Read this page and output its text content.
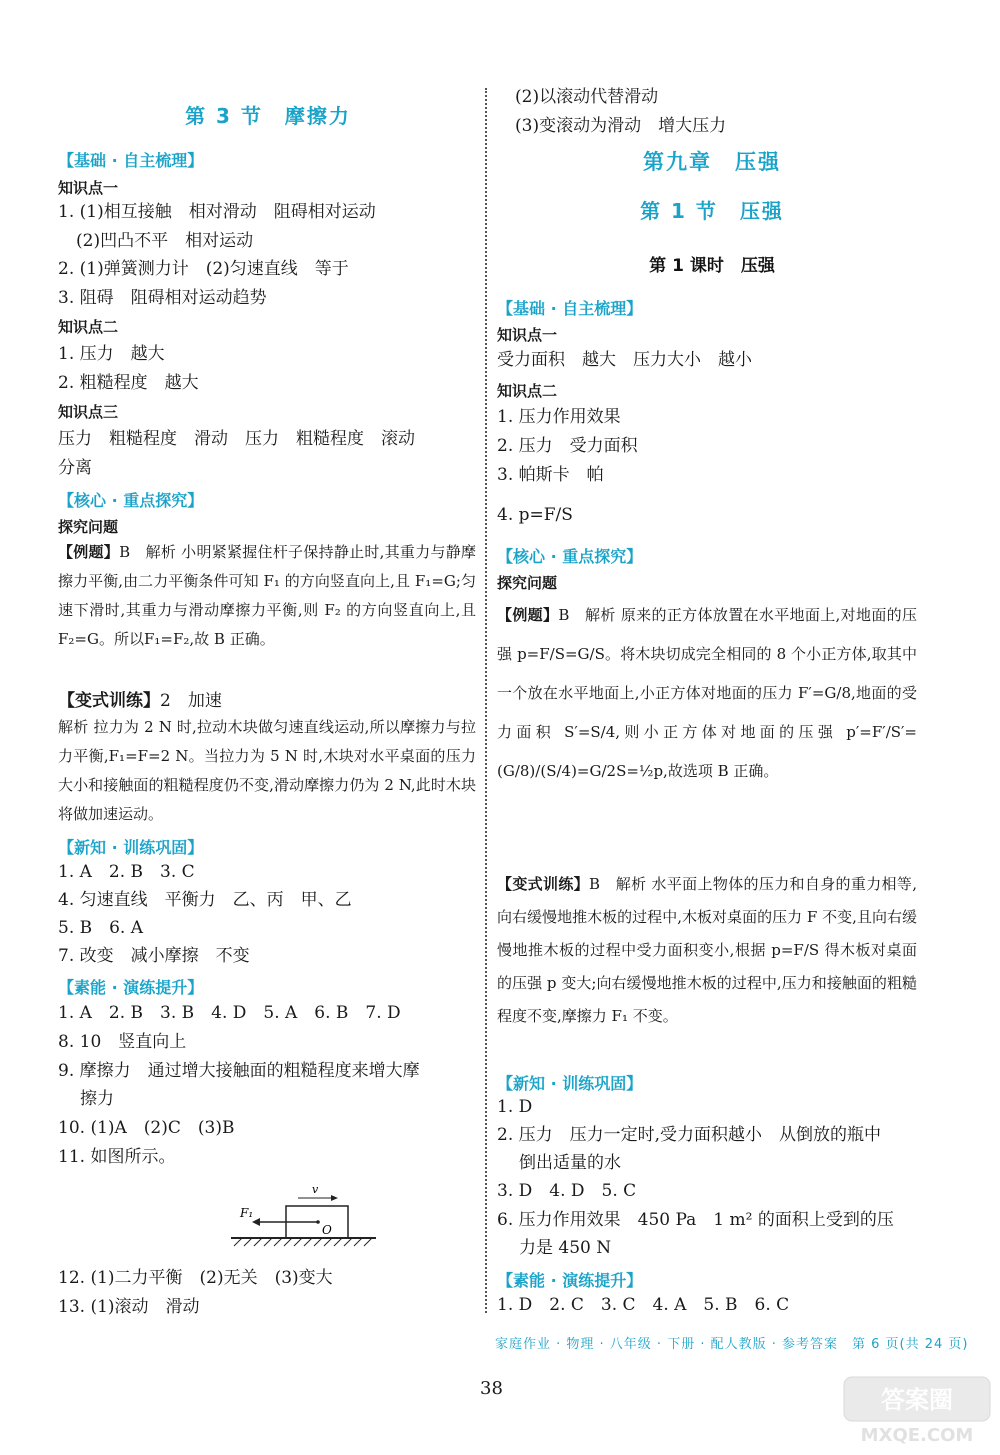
第 3 节　摩擦力
【基础 · 自主梳理】
知识点一
1. (1)相互接触　相对滑动　阻碍相对运动
(2)凹凸不平　相对运动
2. (1)弹簧测力计　(2)匀速直线　等于
3. 阻碍　阻碍相对运动趋势
知识点二
1. 压力　越大
2. 粗糙程度　越大
知识点三
压力　粗糙程度　滑动　压力　粗糙程度　滚动
分离
【核心 · 重点探究】
探究问题
【例题】B　解析 小明紧紧握住杆子保持静止时,其重力与静摩擦力平衡,由二力平衡条件可知 F₁ 的方向竖直向上,且 F₁=G;匀速下滑时,其重力与滑动摩擦力平衡,则 F₂ 的方向竖直向上,且 F₂=G。所以F₁=F₂,故 B 正确。
【变式训练】2　加速
解析 拉力为 2 N 时,拉动木块做匀速直线运动,所以摩擦力与拉力平衡,F₁=F=2 N。当拉力为 5 N 时,木块对水平桌面的压力大小和接触面的粗糙程度仍不变,滑动摩擦力仍为 2 N,此时木块将做加速运动。
【新知 · 训练巩固】
1. A　2. B　3. C
4. 匀速直线　平衡力　乙、丙　甲、乙
5. B　6. A
7. 改变　减小摩擦　不变
【素能 · 演练提升】
1. A　2. B　3. B　4. D　5. A　6. B　7. D
8. 10　竖直向上
9. 摩擦力　通过增大接触面的粗糙程度来增大摩
擦力
10. (1)A　(2)C　(3)B
11. 如图所示。
v
F₁
O
12. (1)二力平衡　(2)无关　(3)变大
13. (1)滚动　滑动
(2)以滚动代替滑动
(3)变滚动为滑动　增大压力
第九章　压强
第 1 节　压强
第 1 课时　压强
【基础 · 自主梳理】
知识点一
受力面积　越大　压力大小　越小
知识点二
1. 压力作用效果
2. 压力　受力面积
3. 帕斯卡　帕
4. p=F/S
【核心 · 重点探究】
探究问题
【例题】B　解析 原来的正方体放置在水平地面上,对地面的压强 p=F/S=G/S。将木块切成完全相同的 8 个小正方体,取其中一个放在水平地面上,小正方体对地面的压力 F′=G/8,地面的受力面积 S′=S/4,则小正方体对地面的压强 p′=F′/S′=(G/8)/(S/4)=G/2S=½p,故选项 B 正确。
【变式训练】B　解析 水平面上物体的压力和自身的重力相等,向右缓慢地推木板的过程中,木板对桌面的压力 F 不变,且向右缓慢地推木板的过程中受力面积变小,根据 p=F/S 得木板对桌面的压强 p 变大;向右缓慢地推木板的过程中,压力和接触面的粗糙程度不变,摩擦力 F₁ 不变。
【新知 · 训练巩固】
1. D
2. 压力　压力一定时,受力面积越小　从倒放的瓶中
倒出适量的水
3. D　4. D　5. C
6. 压力作用效果　450 Pa　1 m² 的面积上受到的压
力是 450 N
【素能 · 演练提升】
1. D　2. C　3. C　4. A　5. B　6. C
家庭作业 · 物理 · 八年级 · 下册 · 配人教版 · 参考答案　第 6 页(共 24 页)
38	答案圈
MXQE.COM
